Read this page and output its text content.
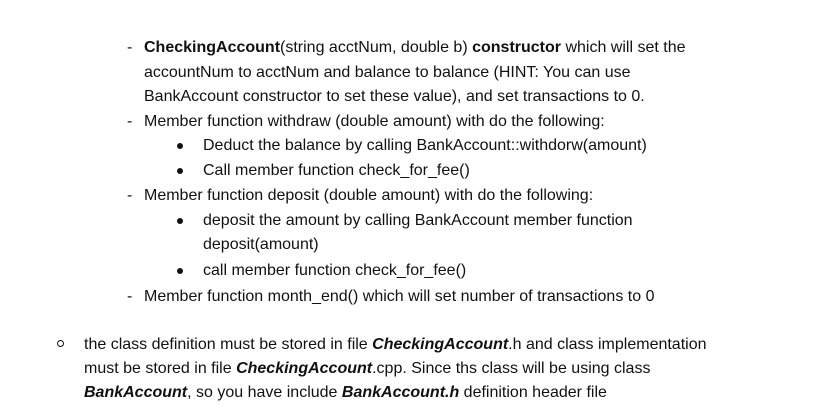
- CheckingAccount(string acctNum, double b) constructor which will set the
accountNum to acctNum and balance to balance (HINT: You can use
BankAccount constructor to set these value), and set transactions to 0.
- Member function withdraw (double amount) with do the following:
Deduct the balance by calling BankAccount::withdorw(amount)
Call member function check_for_fee()
- Member function deposit (double amount) with do the following:
deposit the amount by calling BankAccount member function
deposit(amount)
call member function check_for_fee()
- Member function month_end() which will set number of transactions to 0
the class definition must be stored in file CheckingAccount.h and class implementation
must be stored in file CheckingAccount.cpp. Since ths class will be using class
BankAccount, so you have include BankAccount.h definition header file
